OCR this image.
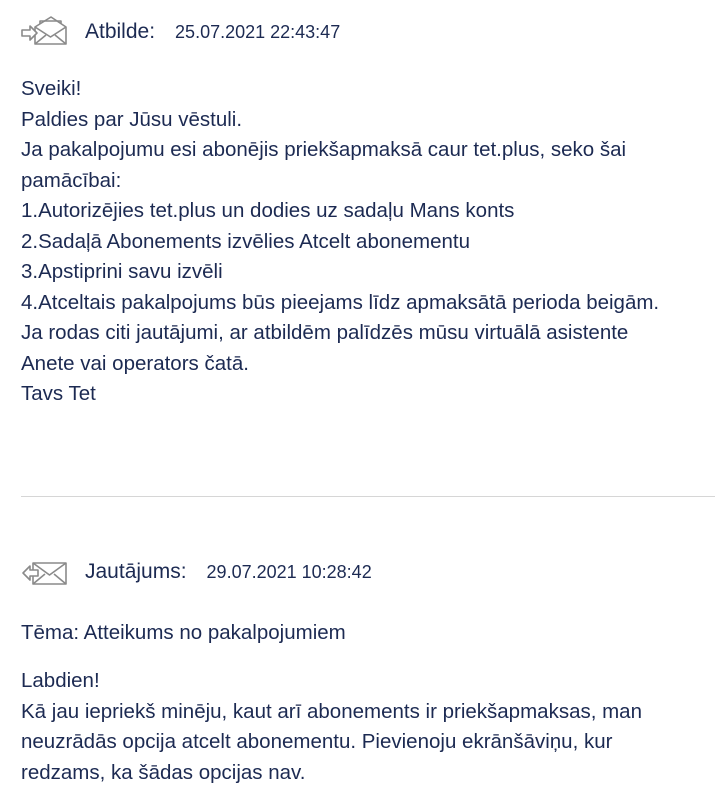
Atbilde: 25.07.2021 22:43:47
Sveiki!
Paldies par Jūsu vēstuli.
Ja pakalpojumu esi abonējis priekšapmaksā caur tet.plus, seko šai
pamācībai:
1.Autorizējies tet.plus un dodies uz sadaļu Mans konts
2.Sadaļā Abonements izvēlies Atcelt abonementu
3.Apstiprini savu izvēli
4.Atceltais pakalpojums būs pieejams līdz apmaksātā perioda beigām.
Ja rodas citi jautājumi, ar atbildēm palīdzēs mūsu virtuālā asistente
Anete vai operators čatā.
Tavs Tet
Jautājums: 29.07.2021 10:28:42
Tēma: Atteikums no pakalpojumiem
Labdien!
Kā jau iepriekš minēju, kaut arī abonements ir priekšapmaksas, man
neuzrādās opcija atcelt abonementu. Pievienoju ekrānšāviņu, kur
redzams, ka šādas opcijas nav.
